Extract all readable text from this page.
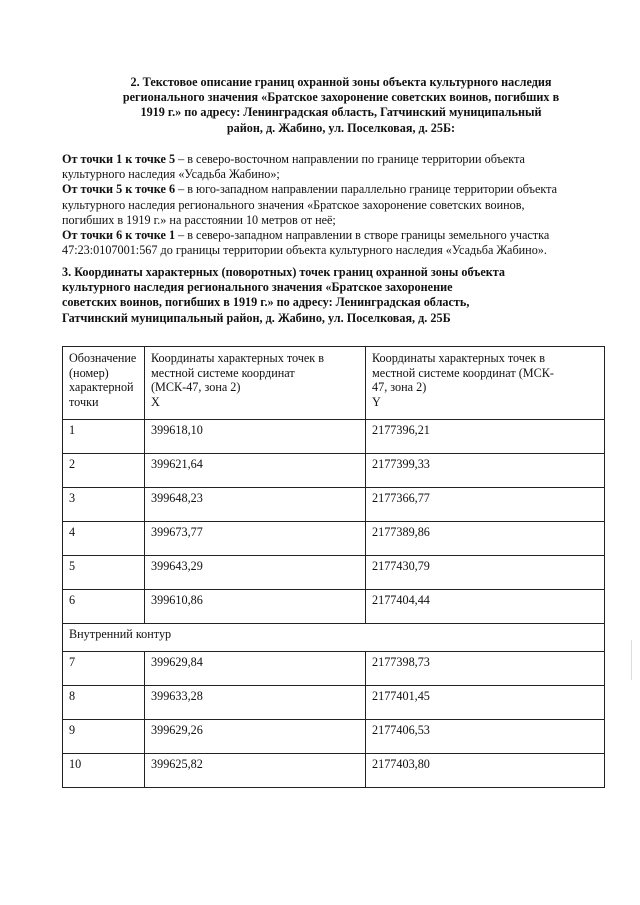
2. Текстовое описание границ охранной зоны объекта культурного наследия
регионального значения «Братское захоронение советских воинов, погибших в
1919 г.» по адресу: Ленинградская область, Гатчинский муниципальный
район, д. Жабино, ул. Поселковая, д. 25Б:

От точки 1 к точке 5 – в северо-восточном направлении по границе территории объекта
культурного наследия «Усадьба Жабино»;

От точки 5 к точке 6 – в юго-западном направлении параллельно границе территории объекта
культурного наследия регионального значения «Братское захоронение советских воинов,
погибших в 1919 г.» на расстоянии 10 метров от неё;

От точки 6 к точке 1 – в северо-западном направлении в створе границы земельного участка
47:23:0107001:567 до границы территории объекта культурного наследия «Усадьба Жабино».

3. Координаты характерных (поворотных) точек границ охранной зоны объекта
культурного наследия регионального значения «Братское захоронение
советских воинов, погибших в 1919 г.» по адресу: Ленинградская область,
Гатчинский муниципальный район, д. Жабино, ул. Поселковая, д. 25Б
Обозначение
(номер)
характерной
точки	Координаты характерных точек в
местной системе координат
(МСК-47, зона 2)
X	Координаты характерных точек в
местной системе координат (МСК-
47, зона 2)
Y
1	399618,10	2177396,21
2	399621,64	2177399,33
3	399648,23	2177366,77
4	399673,77	2177389,86
5	399643,29	2177430,79
6	399610,86	2177404,44
Внутренний контур		
7	399629,84	2177398,73
8	399633,28	2177401,45
9	399629,26	2177406,53
10	399625,82	2177403,80
